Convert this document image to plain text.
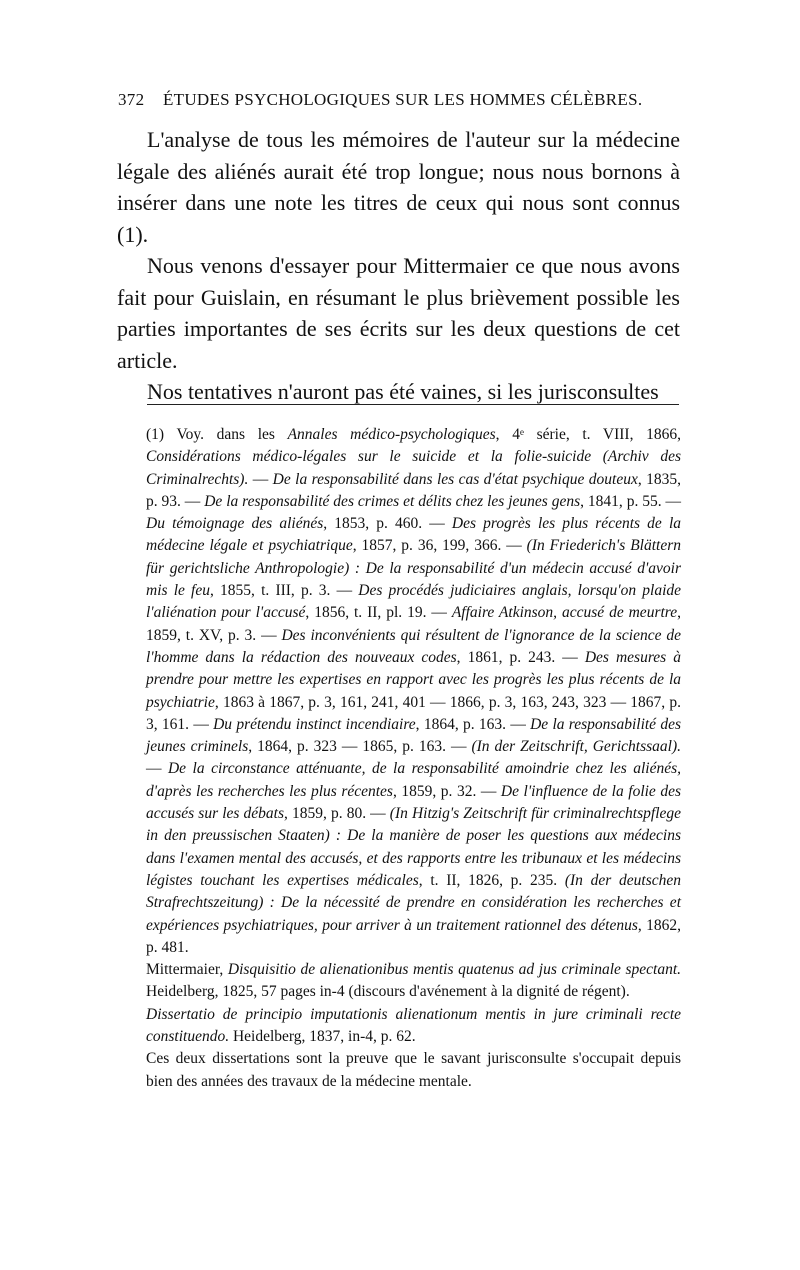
372 ÉTUDES PSYCHOLOGIQUES SUR LES HOMMES CÉLÈBRES.

L'analyse de tous les mémoires de l'auteur sur la médecine légale des aliénés aurait été trop longue; nous nous bornons à insérer dans une note les titres de ceux qui nous sont connus (1).

Nous venons d'essayer pour Mittermaier ce que nous avons fait pour Guislain, en résumant le plus brièvement possible les parties importantes de ses écrits sur les deux questions de cet article.

Nos tentatives n'auront pas été vaines, si les jurisconsultes

(1) Voy. dans les Annales médico-psychologiques, 4ᵉ série, t. VIII, 1866, Considérations médico-légales sur le suicide et la folie-suicide (Archiv des Criminalrechts). — De la responsabilité dans les cas d'état psychique douteux, 1835, p. 93. — De la responsabilité des crimes et délits chez les jeunes gens, 1841, p. 55. — Du témoignage des aliénés, 1853, p. 460. — Des progrès les plus récents de la médecine légale et psychiatrique, 1857, p. 36, 199, 366. — (In Friederich's Blättern für gerichtsliche Anthropologie) : De la responsabilité d'un médecin accusé d'avoir mis le feu, 1855, t. III, p. 3. — Des procédés judiciaires anglais, lorsqu'on plaide l'aliénation pour l'accusé, 1856, t. II, pl. 19. — Affaire Atkinson, accusé de meurtre, 1859, t. XV, p. 3. — Des inconvénients qui résultent de l'ignorance de la science de l'homme dans la rédaction des nouveaux codes, 1861, p. 243. — Des mesures à prendre pour mettre les expertises en rapport avec les progrès les plus récents de la psychiatrie, 1863 à 1867, p. 3, 161, 241, 401 — 1866, p. 3, 163, 243, 323 — 1867, p. 3, 161. — Du prétendu instinct incendiaire, 1864, p. 163. — De la responsabilité des jeunes criminels, 1864, p. 323 — 1865, p. 163. — (In der Zeitschrift, Gerichtssaal). — De la circonstance atténuante, de la responsabilité amoindrie chez les aliénés, d'après les recherches les plus récentes, 1859, p. 32. — De l'influence de la folie des accusés sur les débats, 1859, p. 80. — (In Hitzig's Zeitschrift für criminalrechtspflege in den preussischen Staaten) : De la manière de poser les questions aux médecins dans l'examen mental des accusés, et des rapports entre les tribunaux et les médecins légistes touchant les expertises médicales, t. II, 1826, p. 235. (In der deutschen Strafrechtszeitung) : De la nécessité de prendre en considération les recherches et expériences psychiatriques, pour arriver à un traitement rationnel des détenus, 1862, p. 481.

Mittermaier, Disquisitio de alienationibus mentis quatenus ad jus criminale spectant. Heidelberg, 1825, 57 pages in-4 (discours d'avénement à la dignité de régent).

Dissertatio de principio imputationis alienationum mentis in jure criminali recte constituendo. Heidelberg, 1837, in-4, p. 62.

Ces deux dissertations sont la preuve que le savant jurisconsulte s'occupait depuis bien des années des travaux de la médecine mentale.
